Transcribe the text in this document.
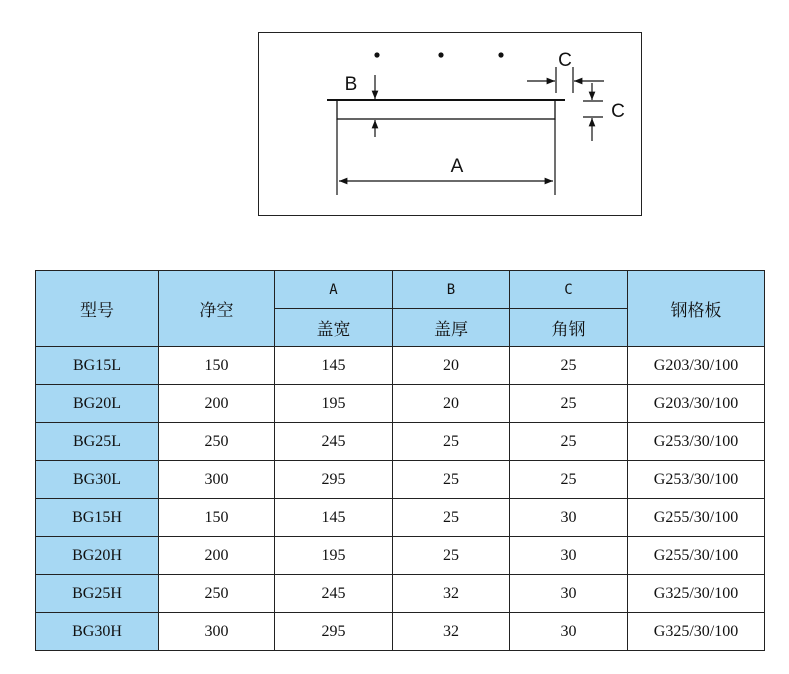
B
C
C
A
型号	净空	A	B	C	钢格板
		盖宽	盖厚	角钢	
BG15L	150	145	20	25	G203/30/100
BG20L	200	195	20	25	G203/30/100
BG25L	250	245	25	25	G253/30/100
BG30L	300	295	25	25	G253/30/100
BG15H	150	145	25	30	G255/30/100
BG20H	200	195	25	30	G255/30/100
BG25H	250	245	32	30	G325/30/100
BG30H	300	295	32	30	G325/30/100
